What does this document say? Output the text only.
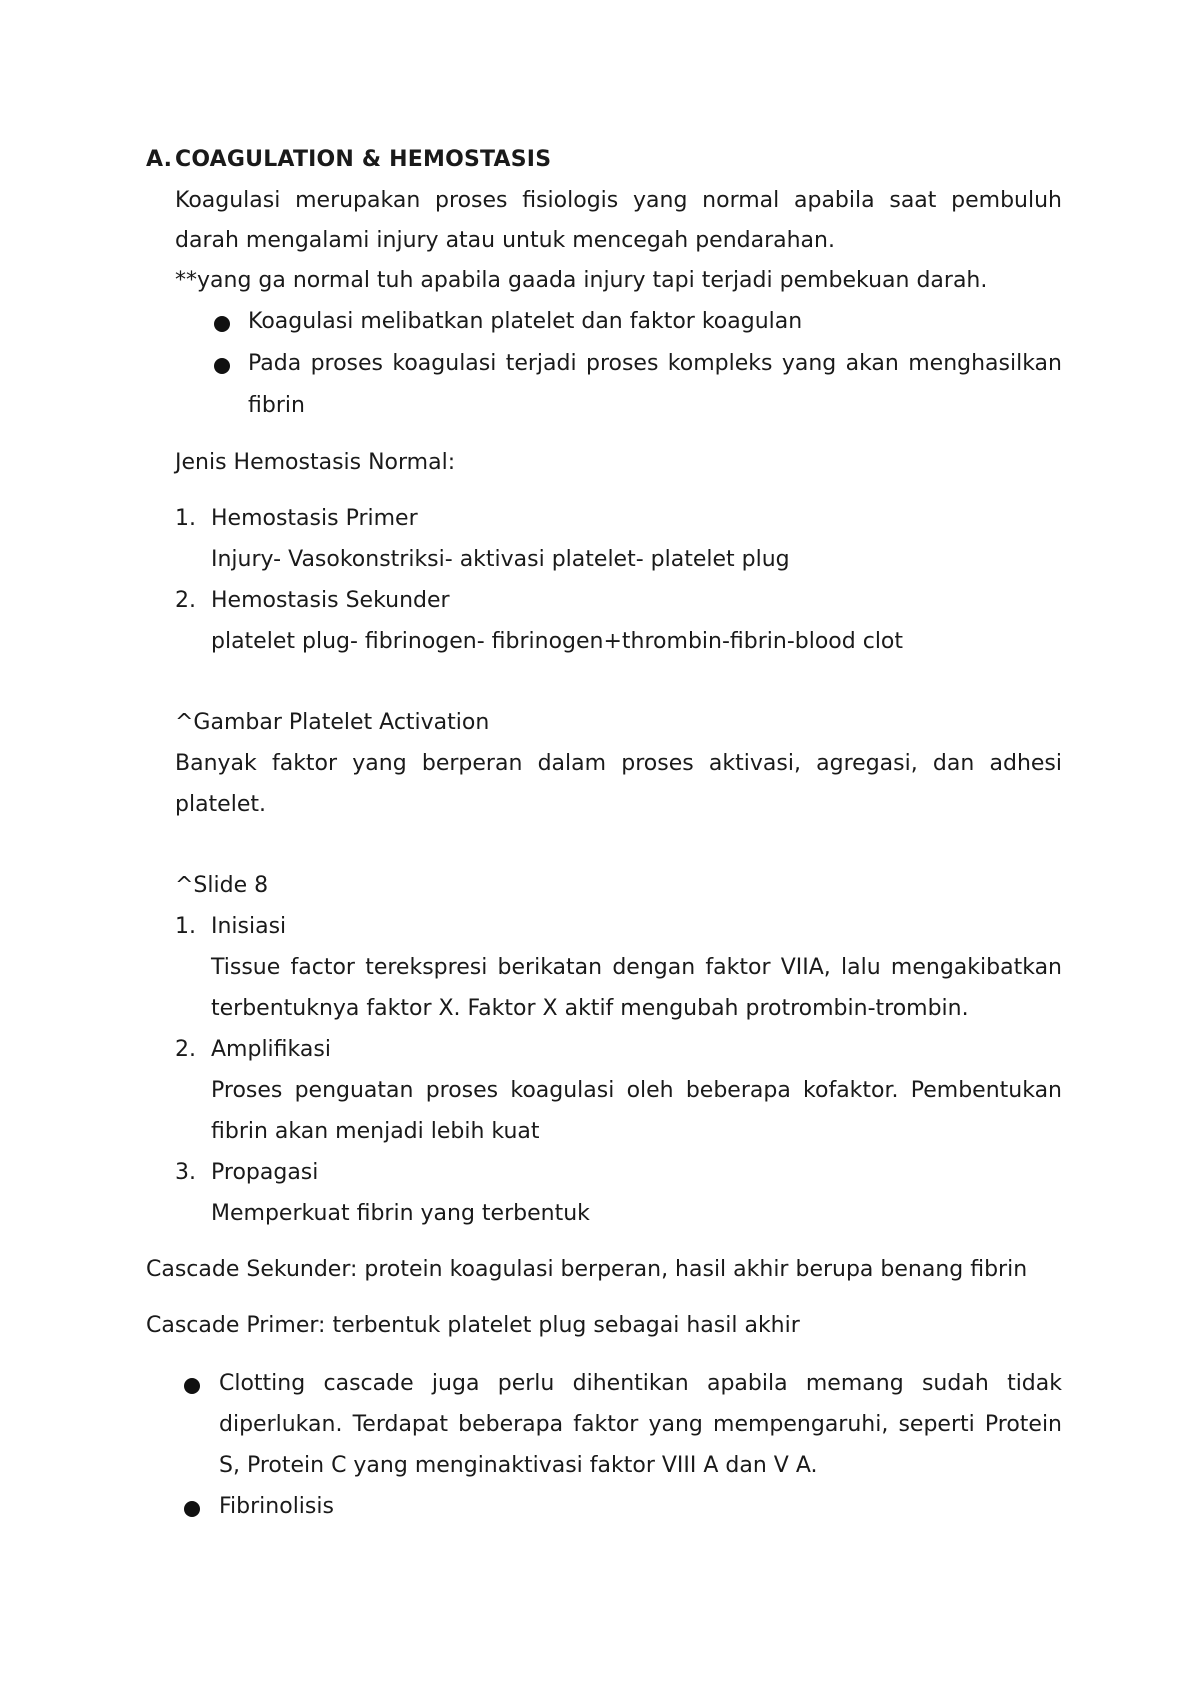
A. COAGULATION & HEMOSTASIS
Koagulasi merupakan proses fisiologis yang normal apabila saat pembuluh
darah mengalami injury atau untuk mencegah pendarahan.
**yang ga normal tuh apabila gaada injury tapi terjadi pembekuan darah.
Koagulasi melibatkan platelet dan faktor koagulan
Pada proses koagulasi terjadi proses kompleks yang akan menghasilkan
fibrin
Jenis Hemostasis Normal:
1. Hemostasis Primer
Injury- Vasokonstriksi- aktivasi platelet- platelet plug
2. Hemostasis Sekunder
platelet plug- fibrinogen- fibrinogen+thrombin-fibrin-blood clot
^Gambar Platelet Activation
Banyak faktor yang berperan dalam proses aktivasi, agregasi, dan adhesi
platelet.
^Slide 8
1. Inisiasi
Tissue factor terekspresi berikatan dengan faktor VIIA, lalu mengakibatkan
terbentuknya faktor X. Faktor X aktif mengubah protrombin-trombin.
2. Amplifikasi
Proses penguatan proses koagulasi oleh beberapa kofaktor. Pembentukan
fibrin akan menjadi lebih kuat
3. Propagasi
Memperkuat fibrin yang terbentuk
Cascade Sekunder: protein koagulasi berperan, hasil akhir berupa benang fibrin
Cascade Primer: terbentuk platelet plug sebagai hasil akhir
Clotting cascade juga perlu dihentikan apabila memang sudah tidak
diperlukan. Terdapat beberapa faktor yang mempengaruhi, seperti Protein
S, Protein C yang menginaktivasi faktor VIII A dan V A.
Fibrinolisis
